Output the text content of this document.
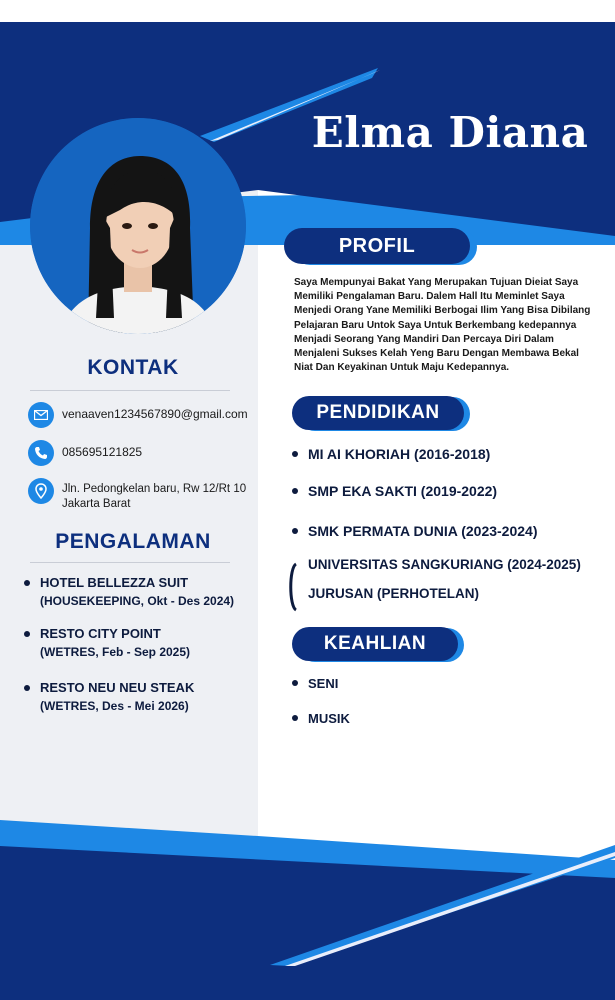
Elma Diana
KONTAK
venaaven1234567890@gmail.com
085695121825
Jln. Pedongkelan baru, Rw 12/Rt 10
Jakarta Barat
PENGALAMAN
HOTEL BELLEZZA SUIT
(HOUSEKEEPING, Okt - Des 2024)
RESTO CITY POINT
(WETRES, Feb - Sep 2025)
RESTO NEU NEU STEAK
(WETRES, Des - Mei 2026)
PROFIL
Saya Mempunyai Bakat Yang Merupakan Tujuan Dieiat Saya Memiliki Pengalaman Baru. Dalem Hall Itu Meminlet Saya Menjedi Orang Yane Memiliki Berbogai Ilim Yang Bisa Dibilang Pelajaran Baru Untok Saya Untuk Berkembang kedepannya Menjadi Seorang Yang Mandiri Dan Percaya Diri Dalam Menjaleni Sukses Kelah Yeng Baru Dengan Membawa Bekal Niat Dan Keyakinan Untuk Maju Kedepannya.
PENDIDIKAN
MI AI KHORIAH (2016-2018)
SMP EKA SAKTI (2019-2022)
SMK PERMATA DUNIA (2023-2024)
UNIVERSITAS SANGKURIANG (2024-2025)
JURUSAN (PERHOTELAN)
KEAHLIAN
SENI
MUSIK
